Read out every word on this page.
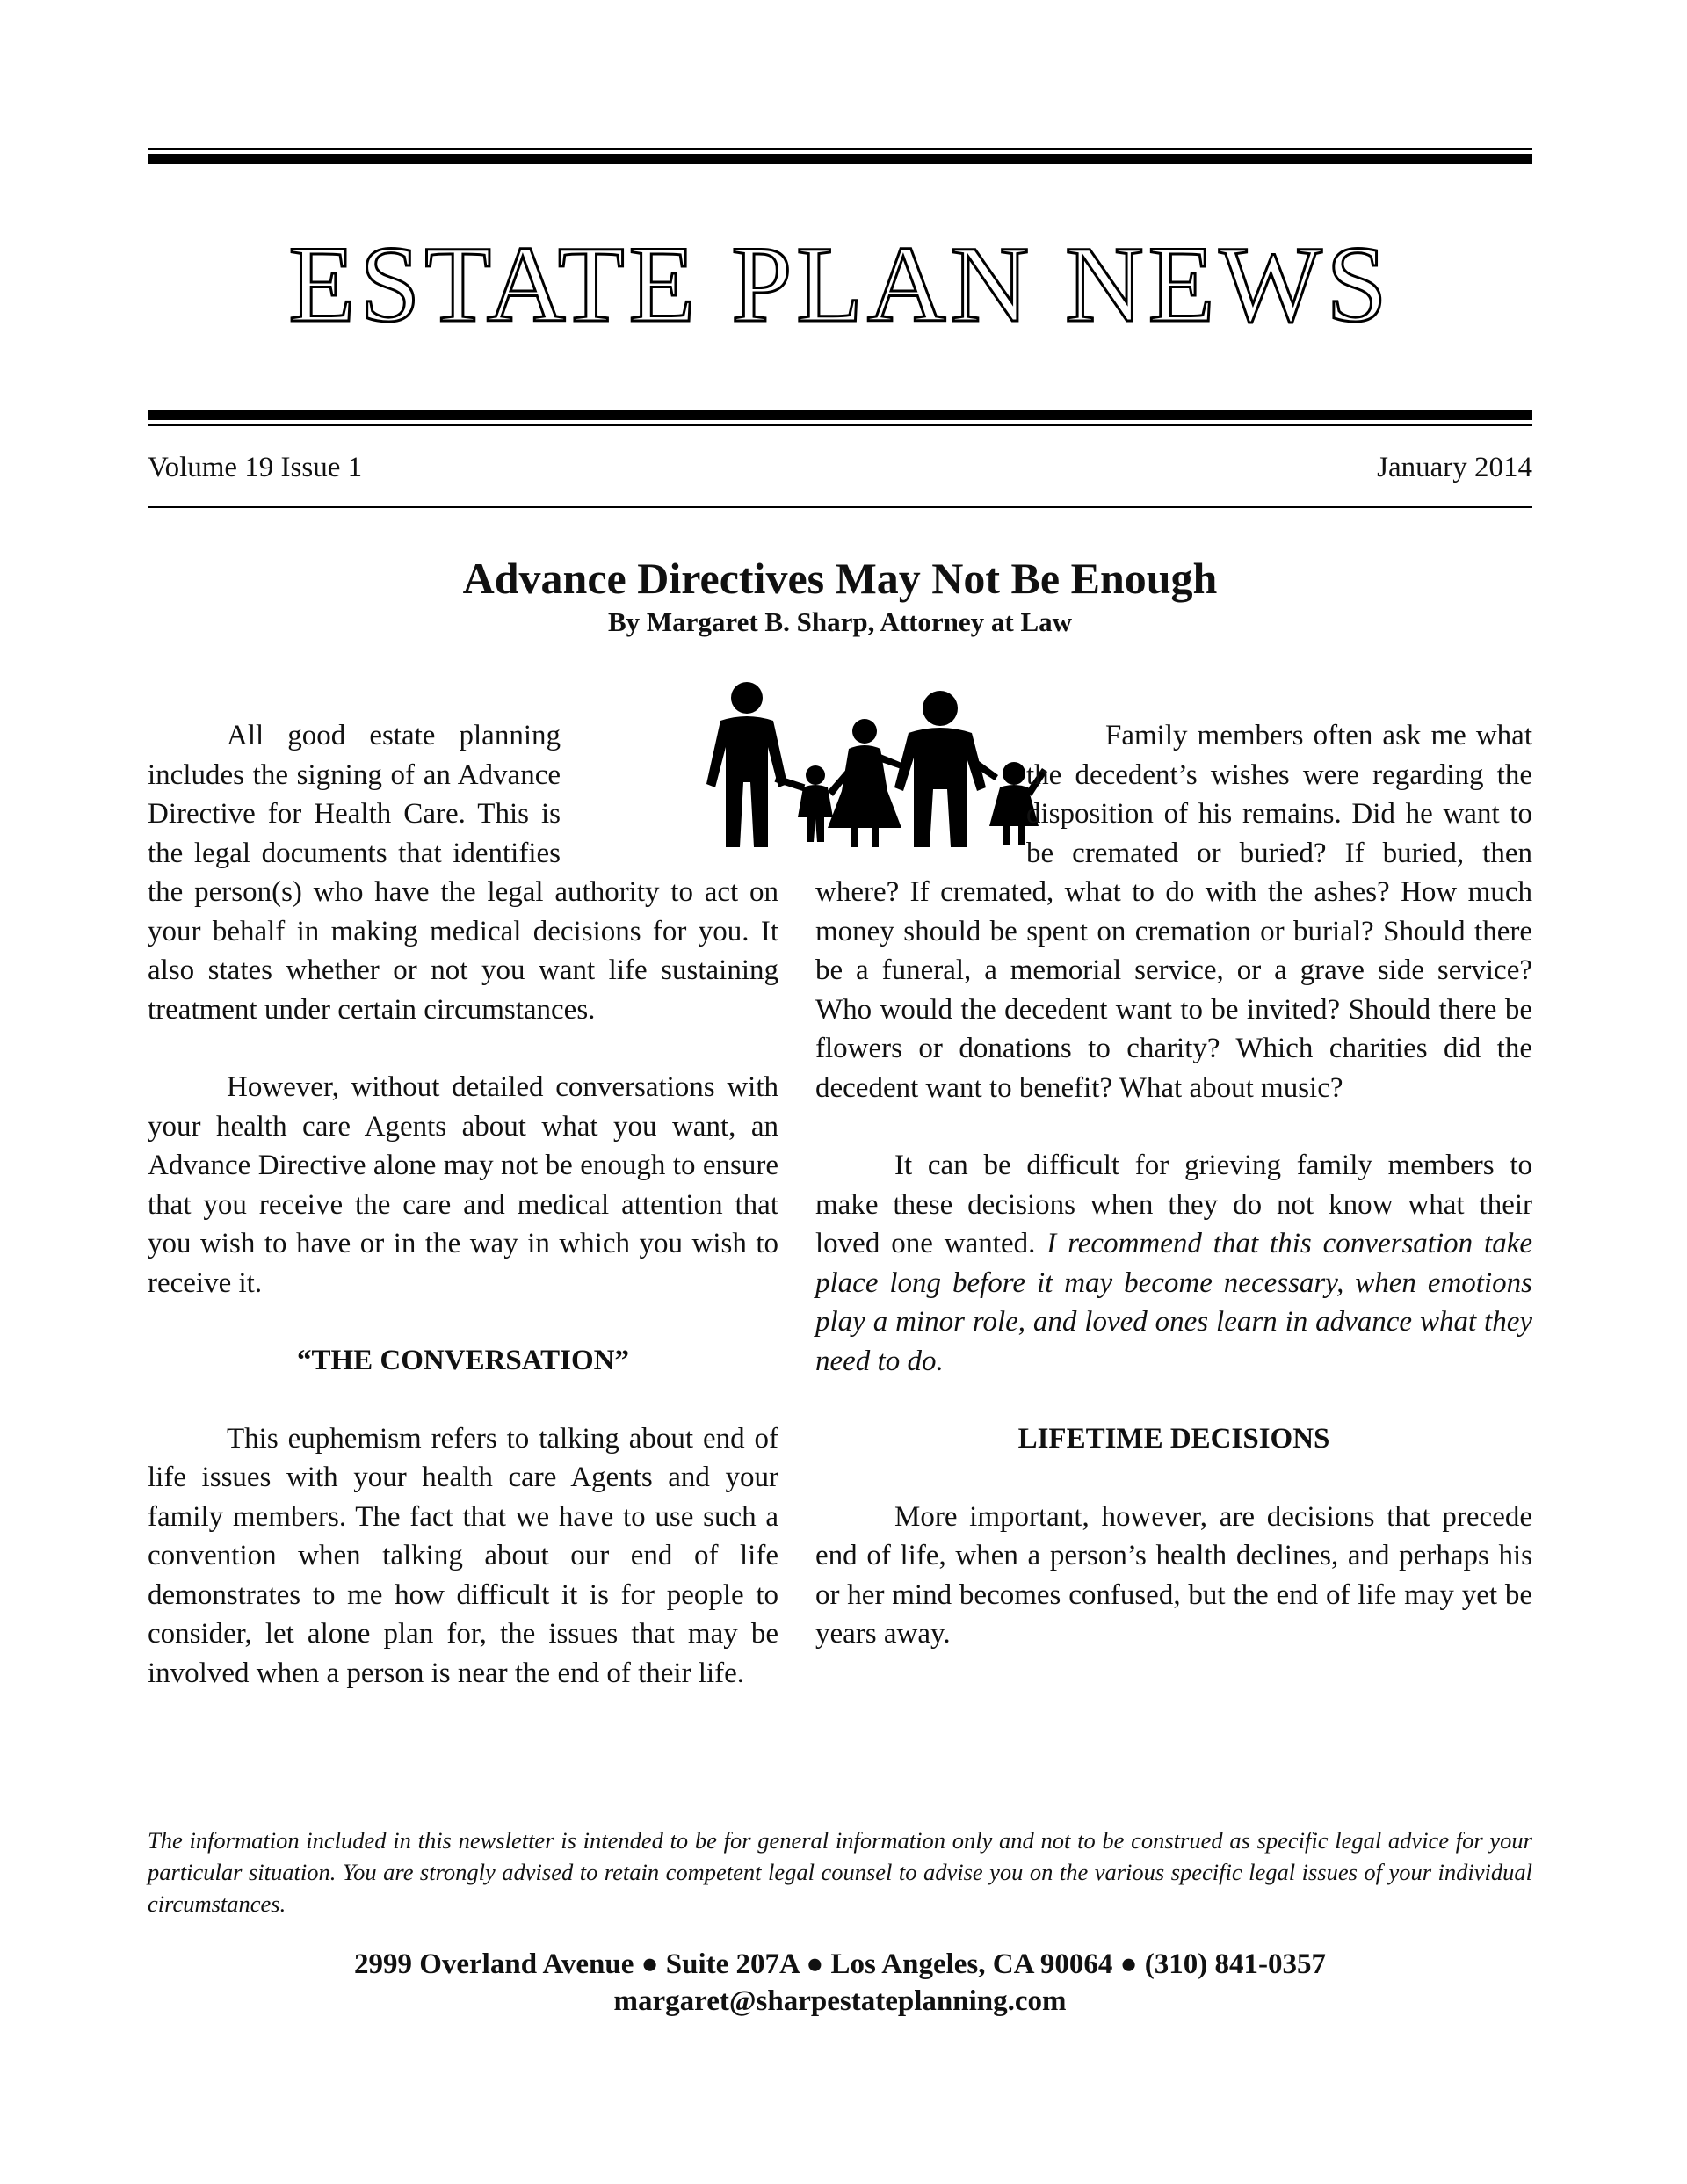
ESTATE PLAN NEWS
Volume 19 Issue 1	January 2014
Advance Directives May Not Be Enough
By Margaret B. Sharp, Attorney at Law

All good estate planning includes the signing of an Advance Directive for Health Care. This is the legal documents that identifies the person(s) who have the legal authority to act on your behalf in making medical decisions for you. It also states whether or not you want life sustaining treatment under certain circumstances.

However, without detailed conversations with your health care Agents about what you want, an Advance Directive alone may not be enough to ensure that you receive the care and medical attention that you wish to have or in the way in which you wish to receive it.

“THE CONVERSATION”

This euphemism refers to talking about end of life issues with your health care Agents and your family members. The fact that we have to use such a convention when talking about our end of life demonstrates to me how difficult it is for people to consider, let alone plan for, the issues that may be involved when a person is near the end of their life.

Family members often ask me what the decedent’s wishes were regarding the disposition of his remains. Did he want to be cremated or buried? If buried, then where? If cremated, what to do with the ashes? How much money should be spent on cremation or burial? Should there be a funeral, a memorial service, or a grave side service? Who would the decedent want to be invited? Should there be flowers or donations to charity? Which charities did the decedent want to benefit? What about music?

It can be difficult for grieving family members to make these decisions when they do not know what their loved one wanted. I recommend that this conversation take place long before it may become necessary, when emotions play a minor role, and loved ones learn in advance what they need to do.

LIFETIME DECISIONS

More important, however, are decisions that precede end of life, when a person’s health declines, and perhaps his or her mind becomes confused, but the end of life may yet be years away.

The information included in this newsletter is intended to be for general information only and not to be construed as specific legal advice for your particular situation. You are strongly advised to retain competent legal counsel to advise you on the various specific legal issues of your individual circumstances.
2999 Overland Avenue ● Suite 207A ● Los Angeles, CA 90064 ● (310) 841-0357
margaret@sharpestateplanning.com
